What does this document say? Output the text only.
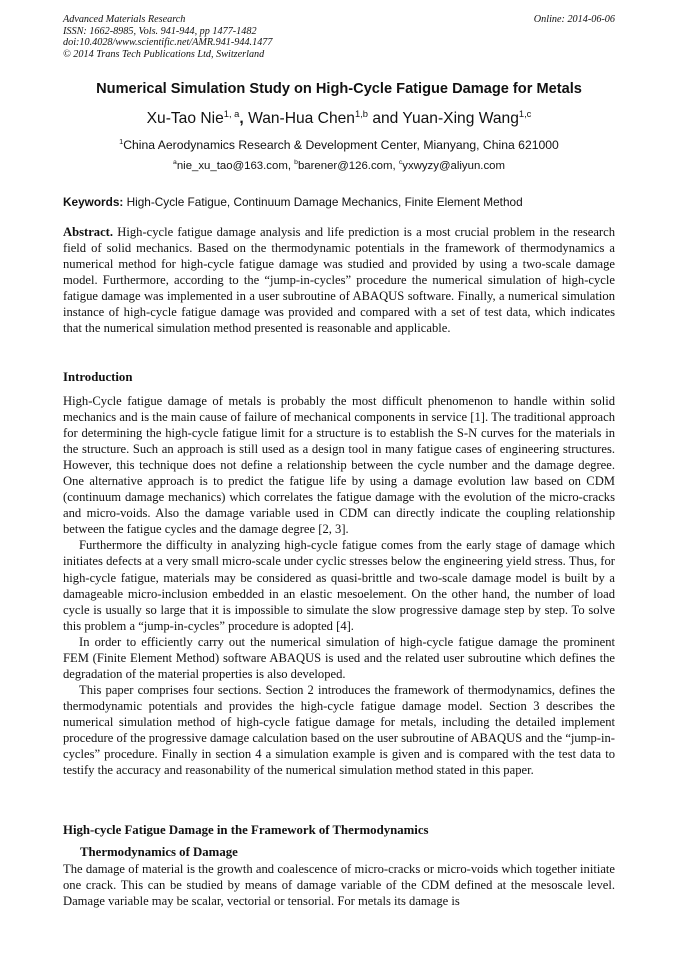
Advanced Materials Research
ISSN: 1662-8985, Vols. 941-944, pp 1477-1482
doi:10.4028/www.scientific.net/AMR.941-944.1477
© 2014 Trans Tech Publications Ltd, Switzerland
Online: 2014-06-06
Numerical Simulation Study on High-Cycle Fatigue Damage for Metals
Xu-Tao Nie$^{1, a}$, Wan-Hua Chen$^{1,b}$ and Yuan-Xing Wang$^{1,c}$
$^1$China Aerodynamics Research & Development Center, Mianyang, China 621000
$^a$nie_xu_tao@163.com, $^b$barener@126.com, $^c$yxwyzy@aliyun.com
Keywords: High-Cycle Fatigue, Continuum Damage Mechanics, Finite Element Method
Abstract. High-cycle fatigue damage analysis and life prediction is a most crucial problem in the research field of solid mechanics. Based on the thermodynamic potentials in the framework of thermodynamics a numerical method for high-cycle fatigue damage was studied and provided by using a two-scale damage model. Furthermore, according to the “jump-in-cycles” procedure the numerical simulation of high-cycle fatigue damage was implemented in a user subroutine of ABAQUS software. Finally, a numerical simulation instance of high-cycle fatigue damage was provided and compared with a set of test data, which indicates that the numerical simulation method presented is reasonable and applicable.
Introduction

High-Cycle fatigue damage of metals is probably the most difficult phenomenon to handle within solid mechanics and is the main cause of failure of mechanical components in service [1]. The traditional approach for determining the high-cycle fatigue limit for a structure is to establish the S-N curves for the materials in the structure. Such an approach is still used as a design tool in many fatigue cases of engineering structures. However, this technique does not define a relationship between the cycle number and the damage degree. One alternative approach is to predict the fatigue life by using a damage evolution law based on CDM (continuum damage mechanics) which correlates the fatigue damage with the evolution of the micro-cracks and micro-voids. Also the damage variable used in CDM can directly indicate the coupling relationship between the fatigue cycles and the damage degree [2, 3].

Furthermore the difficulty in analyzing high-cycle fatigue comes from the early stage of damage which initiates defects at a very small micro-scale under cyclic stresses below the engineering yield stress. Thus, for high-cycle fatigue, materials may be considered as quasi-brittle and two-scale damage model is built by a damageable micro-inclusion embedded in an elastic mesoelement. On the other hand, the number of load cycle is usually so large that it is impossible to simulate the slow progressive damage step by step. To solve this problem a “jump-in-cycles” procedure is adopted [4].

In order to efficiently carry out the numerical simulation of high-cycle fatigue damage the prominent FEM (Finite Element Method) software ABAQUS is used and the related user subroutine which defines the degradation of the material properties is also developed.

This paper comprises four sections. Section 2 introduces the framework of thermodynamics, defines the thermodynamic potentials and provides the high-cycle fatigue damage model. Section 3 describes the numerical simulation method of high-cycle fatigue damage for metals, including the detailed implement procedure of the progressive damage calculation based on the user subroutine of ABAQUS and the “jump-in-cycles” procedure. Finally in section 4 a simulation example is given and is compared with the test data to testify the accuracy and reasonability of the numerical simulation method stated in this paper.

High-cycle Fatigue Damage in the Framework of Thermodynamics
Thermodynamics of Damage
The damage of material is the growth and coalescence of micro-cracks or micro-voids which together initiate one crack. This can be studied by means of damage variable of the CDM defined at the mesoscale level. Damage variable may be scalar, vectorial or tensorial. For metals its damage is
